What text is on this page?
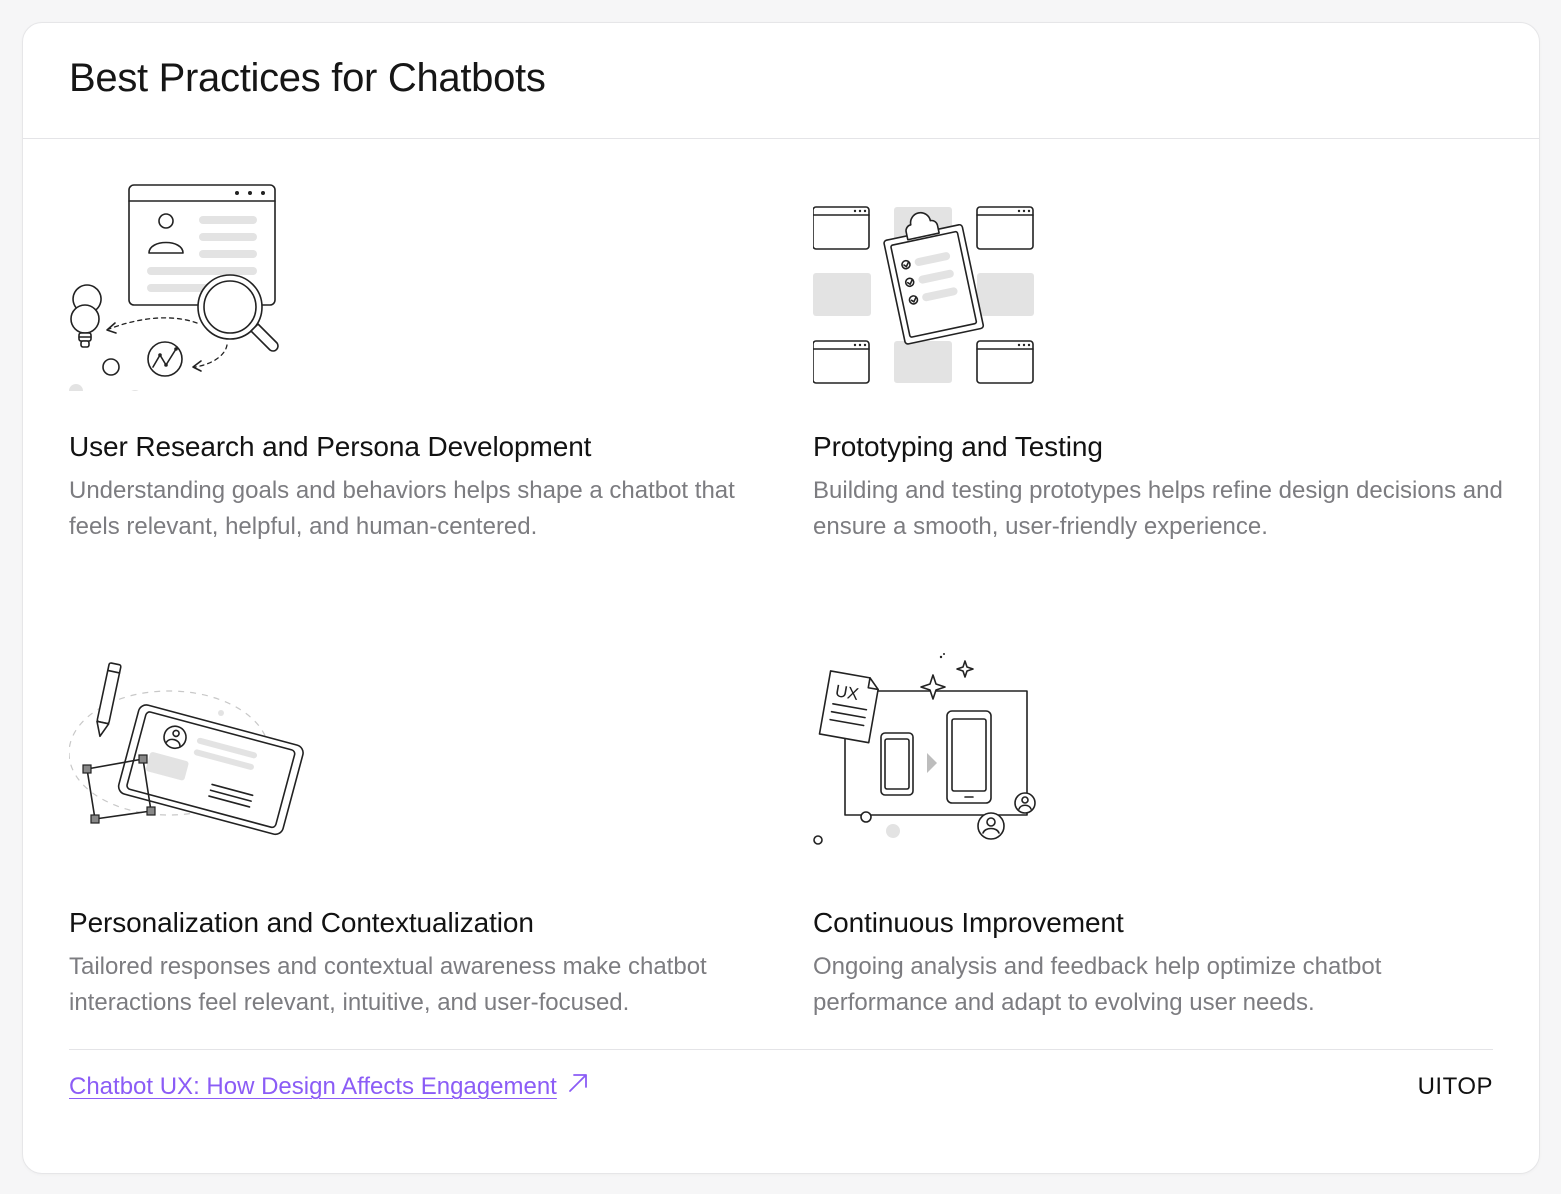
Best Practices for Chatbots
User Research and Persona Development

Understanding goals and behaviors helps shape a chatbot that feels relevant, helpful, and human-centered.

Prototyping and Testing

Building and testing prototypes helps refine design decisions and ensure a smooth, user-friendly experience.

Personalization and Contextualization

Tailored responses and contextual awareness make chatbot interactions feel relevant, intuitive, and user-focused.

UX
Continuous Improvement

Ongoing analysis and feedback help optimize chatbot performance and adapt to evolving user needs.

Chatbot UX: How Design Affects Engagement	UITOP
